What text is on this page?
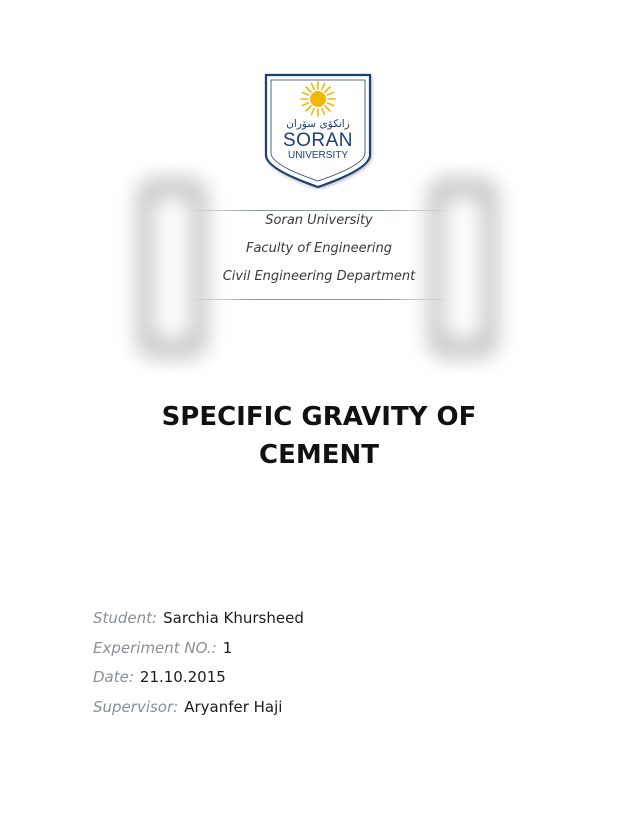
زانكۆی سۆران
SORAN
UNIVERSITY
Soran University
Faculty of Engineering
Civil Engineering Department
SPECIFIC GRAVITY OF
CEMENT
Student: Sarchia Khursheed
Experiment NO.: 1
Date: 21.10.2015
Supervisor: Aryanfer Haji
